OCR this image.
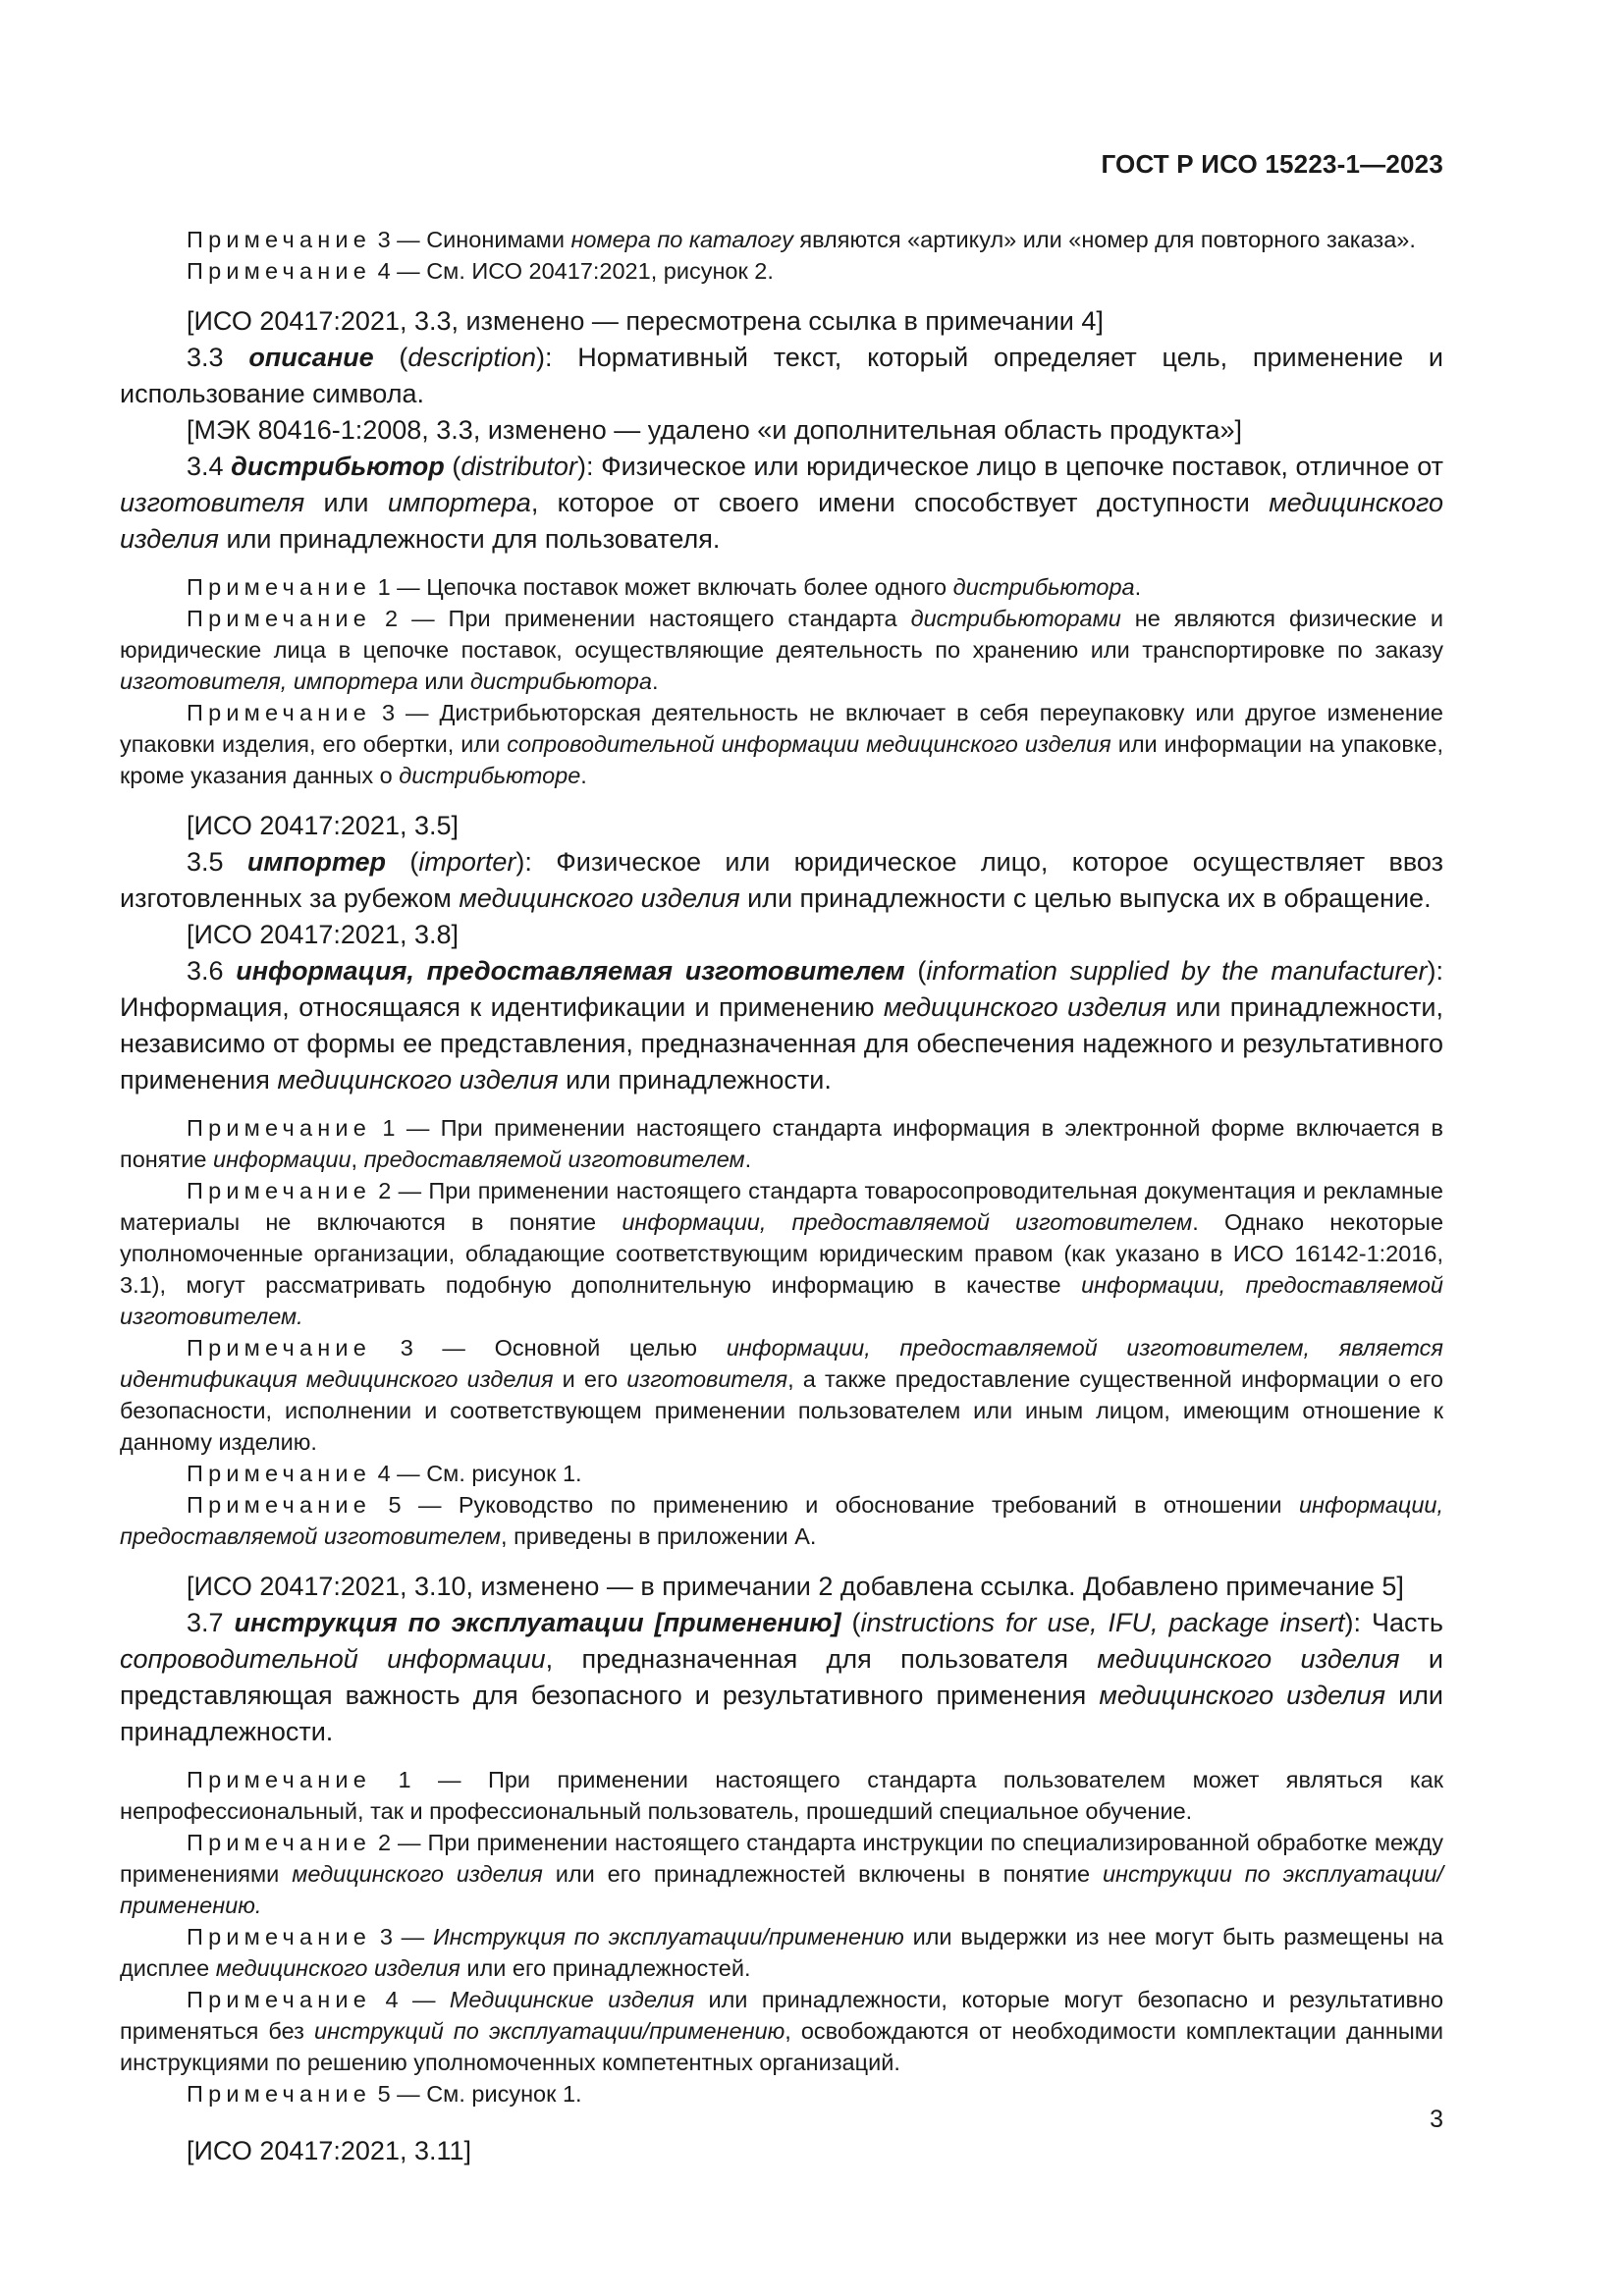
ГОСТ Р ИСО 15223-1—2023

Примечание 3 — Синонимами номера по каталогу являются «артикул» или «номер для повторного заказа».

Примечание 4 — См. ИСО 20417:2021, рисунок 2.

[ИСО 20417:2021, 3.3, изменено — пересмотрена ссылка в примечании 4]

3.3 описание (description): Нормативный текст, который определяет цель, применение и использование символа.

[МЭК 80416-1:2008, 3.3, изменено — удалено «и дополнительная область продукта»]

3.4 дистрибьютор (distributor): Физическое или юридическое лицо в цепочке поставок, отличное от изготовителя или импортера, которое от своего имени способствует доступности медицинского изделия или принадлежности для пользователя.

Примечание 1 — Цепочка поставок может включать более одного дистрибьютора.

Примечание 2 — При применении настоящего стандарта дистрибьюторами не являются физические и юридические лица в цепочке поставок, осуществляющие деятельность по хранению или транспортировке по заказу изготовителя, импортера или дистрибьютора.

Примечание 3 — Дистрибьюторская деятельность не включает в себя переупаковку или другое изменение упаковки изделия, его обертки, или сопроводительной информации медицинского изделия или информации на упаковке, кроме указания данных о дистрибьюторе.

[ИСО 20417:2021, 3.5]

3.5 импортер (importer): Физическое или юридическое лицо, которое осуществляет ввоз изготовленных за рубежом медицинского изделия или принадлежности с целью выпуска их в обращение.

[ИСО 20417:2021, 3.8]

3.6 информация, предоставляемая изготовителем (information supplied by the manufacturer): Информация, относящаяся к идентификации и применению медицинского изделия или принадлежности, независимо от формы ее представления, предназначенная для обеспечения надежного и результативного применения медицинского изделия или принадлежности.

Примечание 1 — При применении настоящего стандарта информация в электронной форме включается в понятие информации, предоставляемой изготовителем.

Примечание 2 — При применении настоящего стандарта товаросопроводительная документация и рекламные материалы не включаются в понятие информации, предоставляемой изготовителем. Однако некоторые уполномоченные организации, обладающие соответствующим юридическим правом (как указано в ИСО 16142-1:2016, 3.1), могут рассматривать подобную дополнительную информацию в качестве информации, предоставляемой изготовителем.

Примечание 3 — Основной целью информации, предоставляемой изготовителем, является идентификация медицинского изделия и его изготовителя, а также предоставление существенной информации о его безопасности, исполнении и соответствующем применении пользователем или иным лицом, имеющим отношение к данному изделию.

Примечание 4 — См. рисунок 1.

Примечание 5 — Руководство по применению и обоснование требований в отношении информации, предоставляемой изготовителем, приведены в приложении А.

[ИСО 20417:2021, 3.10, изменено — в примечании 2 добавлена ссылка. Добавлено примечание 5]

3.7 инструкция по эксплуатации [применению] (instructions for use, IFU, package insert): Часть сопроводительной информации, предназначенная для пользователя медицинского изделия и представляющая важность для безопасного и результативного применения медицинского изделия или принадлежности.

Примечание 1 — При применении настоящего стандарта пользователем может являться как непрофессиональный, так и профессиональный пользователь, прошедший специальное обучение.

Примечание 2 — При применении настоящего стандарта инструкции по специализированной обработке между применениями медицинского изделия или его принадлежностей включены в понятие инструкции по эксплуатации/применению.

Примечание 3 — Инструкция по эксплуатации/применению или выдержки из нее могут быть размещены на дисплее медицинского изделия или его принадлежностей.

Примечание 4 — Медицинские изделия или принадлежности, которые могут безопасно и результативно применяться без инструкций по эксплуатации/применению, освобождаются от необходимости комплектации данными инструкциями по решению уполномоченных компетентных организаций.

Примечание 5 — См. рисунок 1.

[ИСО 20417:2021, 3.11]

3
